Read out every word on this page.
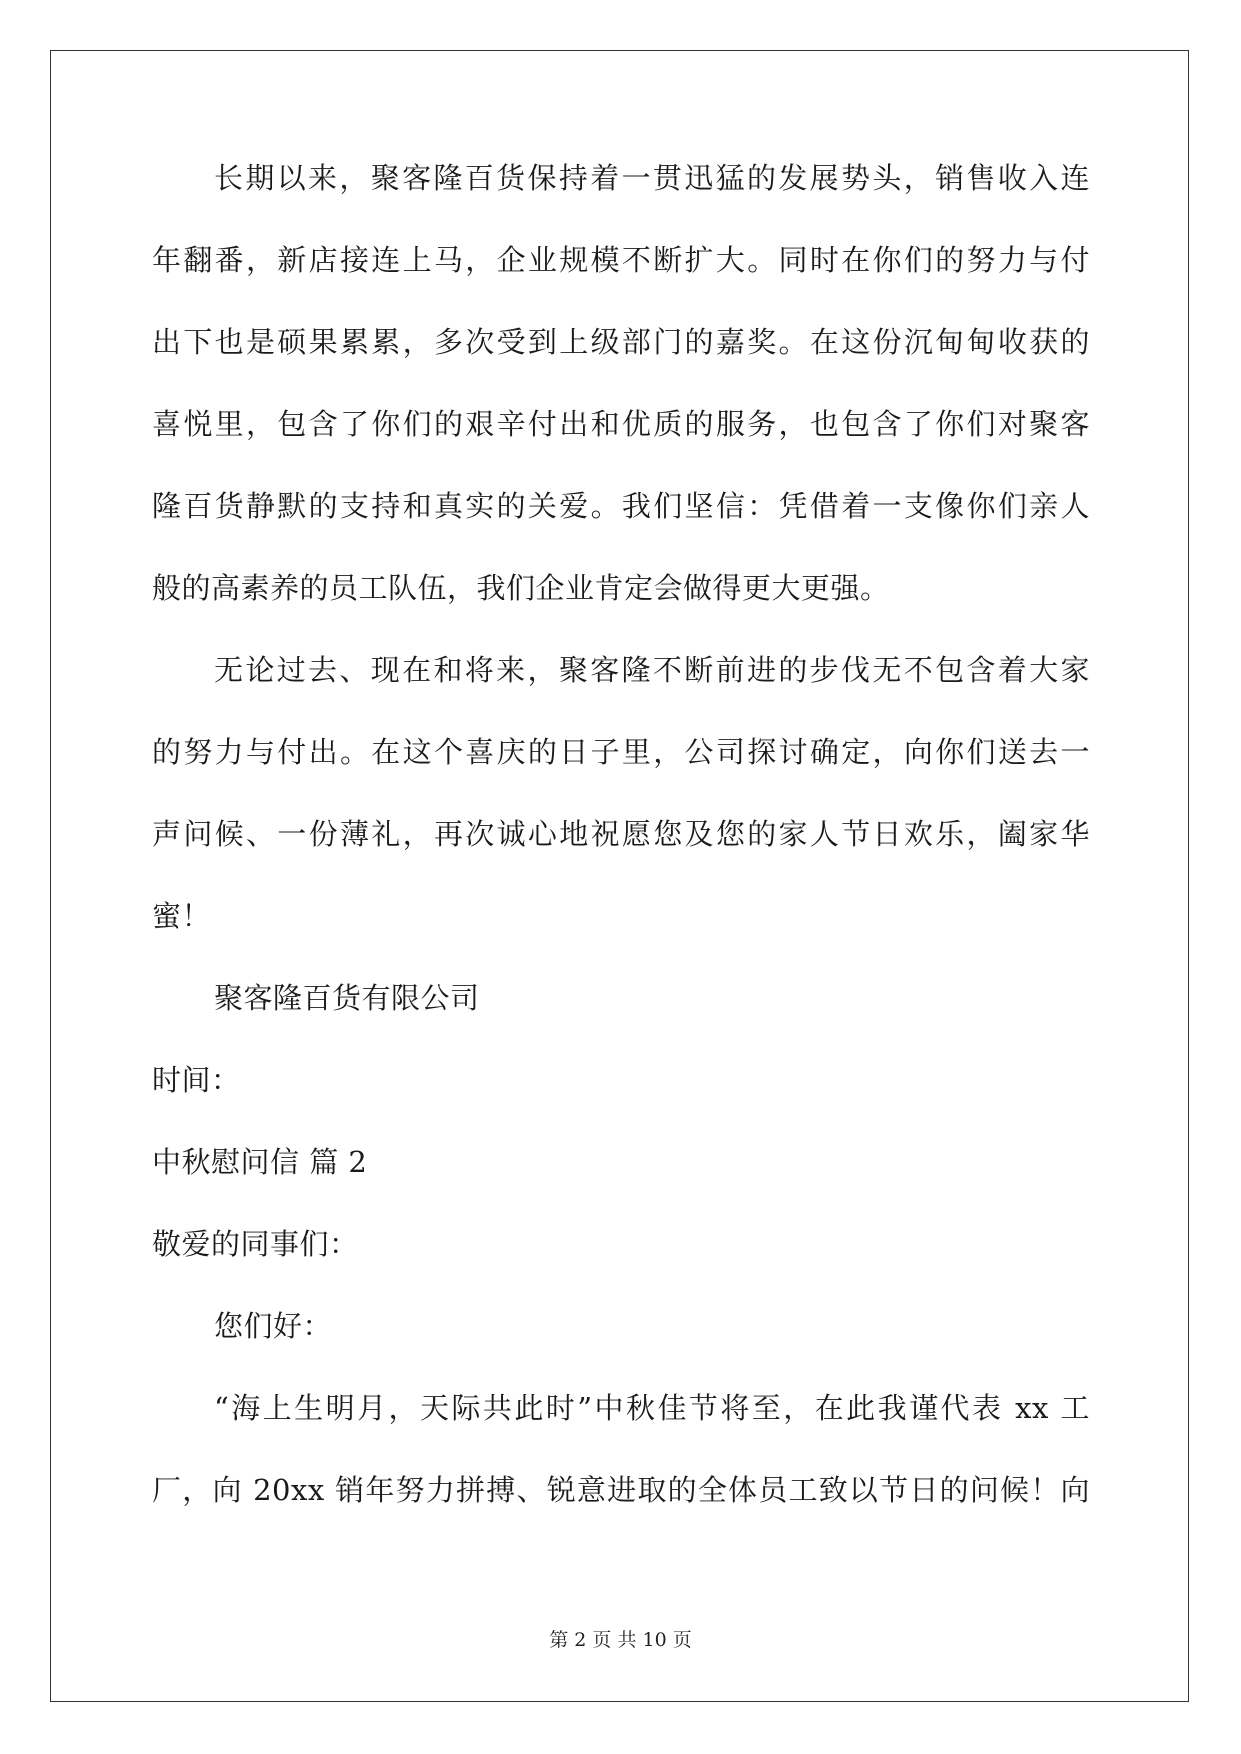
长期以来，聚客隆百货保持着一贯迅猛的发展势头，销售收入连
年翻番，新店接连上马，企业规模不断扩大。同时在你们的努力与付
出下也是硕果累累，多次受到上级部门的嘉奖。在这份沉甸甸收获的
喜悦里，包含了你们的艰辛付出和优质的服务，也包含了你们对聚客
隆百货静默的支持和真实的关爱。我们坚信：凭借着一支像你们亲人
般的高素养的员工队伍，我们企业肯定会做得更大更强。
无论过去、现在和将来，聚客隆不断前进的步伐无不包含着大家
的努力与付出。在这个喜庆的日子里，公司探讨确定，向你们送去一
声问候、一份薄礼，再次诚心地祝愿您及您的家人节日欢乐，阖家华
蜜！
聚客隆百货有限公司
时间：
中秋慰问信 篇 2
敬爱的同事们：
您们好：
“海上生明月，天际共此时”中秋佳节将至，在此我谨代表 xx 工
厂，向 20xx 销年努力拼搏、锐意进取的全体员工致以节日的问候！向
第 2 页 共 10 页
